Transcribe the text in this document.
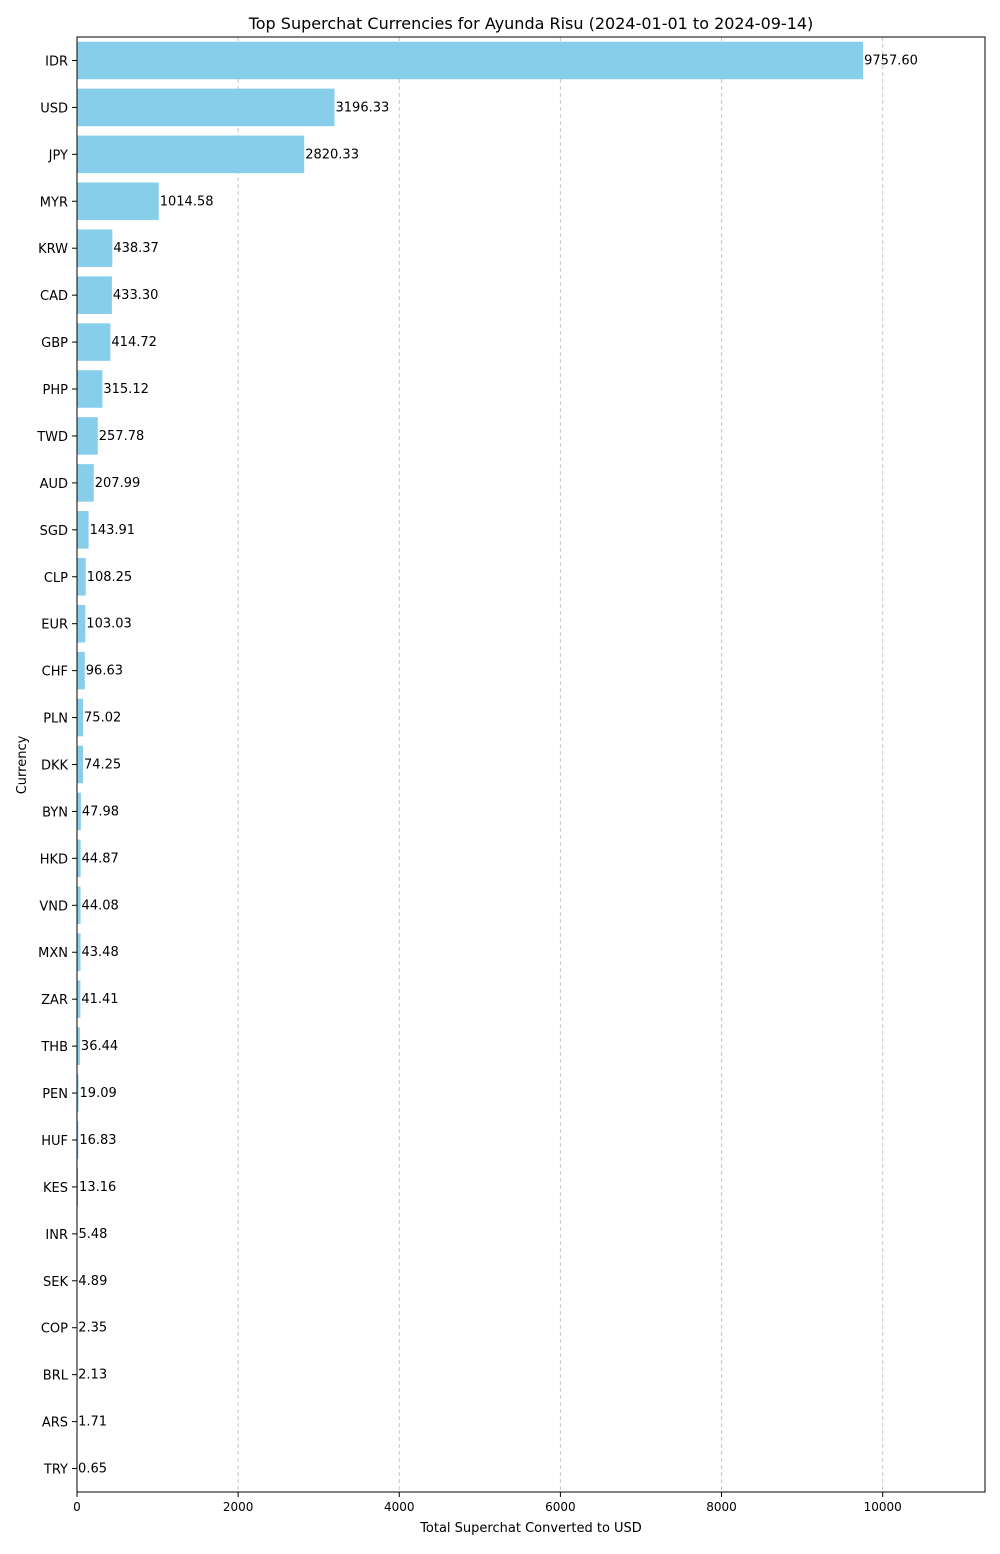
9757.60
3196.33
2820.33
1014.58
438.37
433.30
414.72
315.12
257.78
207.99
143.91
108.25
103.03
96.63
75.02
74.25
47.98
44.87
44.08
43.48
41.41
36.44
19.09
16.83
13.16
5.48
4.89
2.35
2.13
1.71
0.65
IDR
USD
JPY
MYR
KRW
CAD
GBP
PHP
TWD
AUD
SGD
CLP
EUR
CHF
PLN
DKK
BYN
HKD
VND
MXN
ZAR
THB
PEN
HUF
KES
INR
SEK
COP
BRL
ARS
TRY
0	2000	4000	6000	8000	10000
Top Superchat Currencies for Ayunda Risu (2024-01-01 to 2024-09-14)
Total Superchat Converted to USD
Currency
